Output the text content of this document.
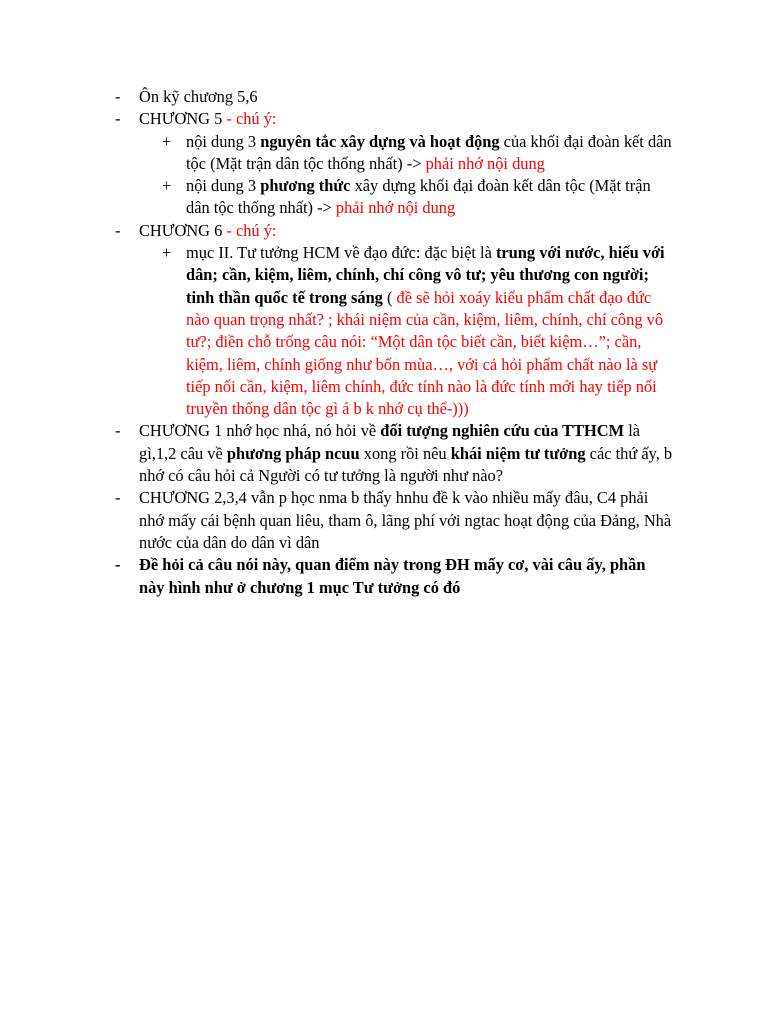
- Ôn kỹ chương 5,6
- CHƯƠNG 5 - chú ý:
+ nội dung 3 nguyên tắc xây dựng và hoạt động của khối đại đoàn kết dân tộc (Mặt trận dân tộc thống nhất) -> phải nhớ nội dung
+ nội dung 3 phương thức xây dựng khối đại đoàn kết dân tộc (Mặt trận dân tộc thống nhất) -> phải nhớ nội dung
- CHƯƠNG 6 - chú ý:
+ mục II. Tư tưởng HCM về đạo đức: đặc biệt là trung với nước, hiếu với dân; cần, kiệm, liêm, chính, chí công vô tư; yêu thương con người; tinh thần quốc tế trong sáng ( đề sẽ hỏi xoáy kiểu phẩm chất đạo đức nào quan trọng nhất? ; khái niệm của cần, kiệm, liêm, chính, chí công vô tư?; điền chỗ trống câu nói: “Một dân tộc biết cần, biết kiệm…”; cần, kiệm, liêm, chính giống như bốn mùa…, với cả hỏi phẩm chất nào là sự tiếp nối cần, kiệm, liêm chính, đức tính nào là đức tính mới hay tiếp nối truyền thống dân tộc gì á b k nhớ cụ thể-)))
- CHƯƠNG 1 nhớ học nhá, nó hỏi về đối tượng nghiên cứu của TTHCM là gì,1,2 câu về phương pháp ncuu xong rồi nêu khái niệm tư tưởng các thứ ấy, b nhớ có câu hỏi cả Người có tư tưởng là người như nào?
- CHƯƠNG 2,3,4 vẫn p học nma b thấy hnhu đề k vào nhiều mấy đâu, C4 phải nhớ mấy cái bệnh quan liêu, tham ô, lãng phí với ngtac hoạt động của Đảng, Nhà nước của dân do dân vì dân
- Đề hỏi cả câu nói này, quan điểm này trong ĐH mấy cơ, vài câu ấy, phần này hình như ở chương 1 mục Tư tưởng có đó
